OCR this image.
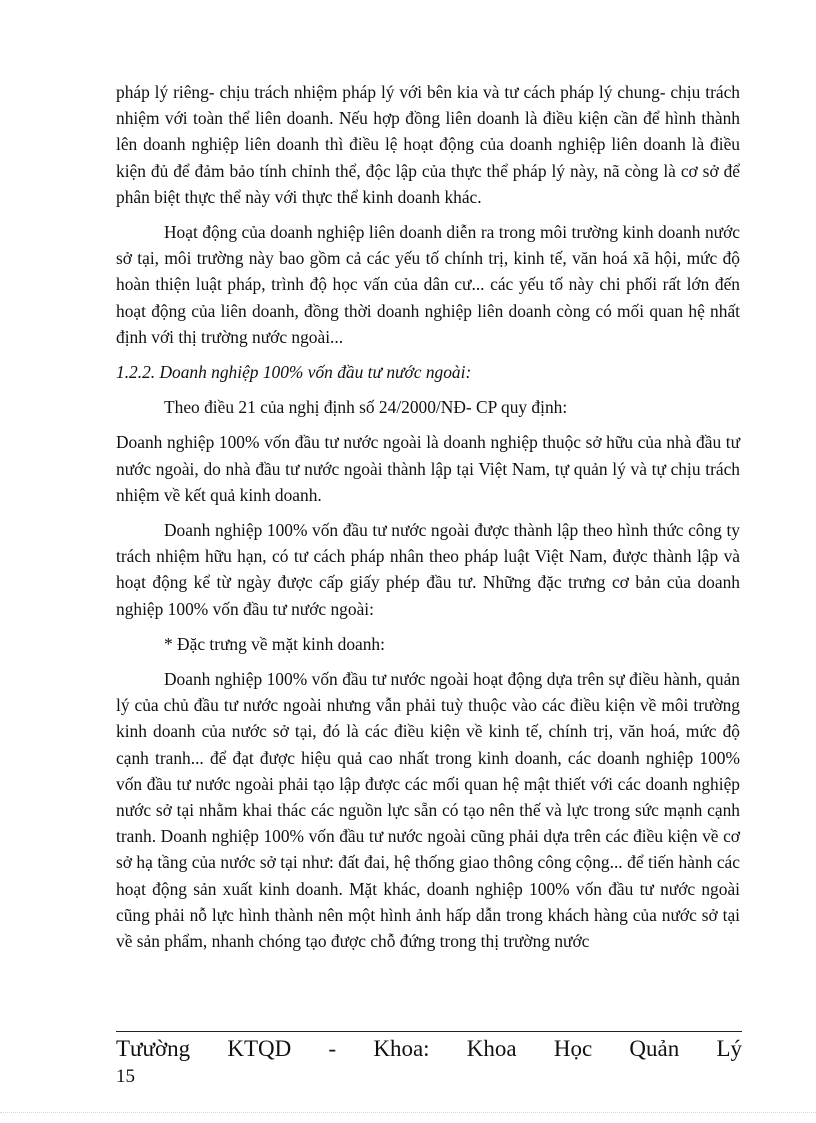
pháp lý riêng- chịu trách nhiệm pháp lý với bên kia và tư cách pháp lý chung- chịu trách nhiệm với toàn thể liên doanh. Nếu hợp đồng liên doanh là điều kiện cần để hình thành lên doanh nghiệp liên doanh thì điều lệ hoạt động của doanh nghiệp liên doanh là điều kiện đủ để đảm bảo tính chỉnh thể, độc lập của thực thể pháp lý này, nã còng là cơ sở để phân biệt thực thể này với thực thể kinh doanh khác.

Hoạt động của doanh nghiệp liên doanh diễn ra trong môi trường kinh doanh nước sở tại, môi trường này bao gồm cả các yếu tố chính trị, kinh tế, văn hoá xã hội, mức độ hoàn thiện luật pháp, trình độ học vấn của dân cư... các yếu tố này chi phối rất lớn đến hoạt động của liên doanh, đồng thời doanh nghiệp liên doanh còng có mối quan hệ nhất định với thị trường nước ngoài...

1.2.2. Doanh nghiệp 100% vốn đầu tư nước ngoài:

Theo điều 21 của nghị định số 24/2000/NĐ- CP quy định:

Doanh nghiệp 100% vốn đầu tư nước ngoài là doanh nghiệp thuộc sở hữu của nhà đầu tư nước ngoài, do nhà đầu tư nước ngoài thành lập tại Việt Nam, tự quản lý và tự chịu trách nhiệm về kết quả kinh doanh.

Doanh nghiệp 100% vốn đầu tư nước ngoài được thành lập theo hình thức công ty trách nhiệm hữu hạn, có tư cách pháp nhân theo pháp luật Việt Nam, được thành lập và hoạt động kể từ ngày được cấp giấy phép đầu tư. Những đặc trưng cơ bản của doanh nghiệp 100% vốn đầu tư nước ngoài:

* Đặc trưng về mặt kinh doanh:

Doanh nghiệp 100% vốn đầu tư nước ngoài hoạt động dựa trên sự điều hành, quản lý của chủ đầu tư nước ngoài nhưng vẫn phải tuỳ thuộc vào các điều kiện về môi trường kinh doanh của nước sở tại, đó là các điều kiện về kinh tế, chính trị, văn hoá, mức độ cạnh tranh... để đạt được hiệu quả cao nhất trong kinh doanh, các doanh nghiệp 100% vốn đầu tư nước ngoài phải tạo lập được các mối quan hệ mật thiết với các doanh nghiệp nước sở tại nhằm khai thác các nguồn lực sẵn có tạo nên thế và lực trong sức mạnh cạnh tranh. Doanh nghiệp 100% vốn đầu tư nước ngoài cũng phải dựa trên các điều kiện về cơ sở hạ tầng của nước sở tại như: đất đai, hệ thống giao thông công cộng... để tiến hành các hoạt động sản xuất kinh doanh. Mặt khác, doanh nghiệp 100% vốn đầu tư nước ngoài cũng phải nỗ lực hình thành nên một hình ảnh hấp dẫn trong khách hàng của nước sở tại về sản phẩm, nhanh chóng tạo được chỗ đứng trong thị trường nước

Tưường KTQD - Khoa: Khoa Học Quản Lý
15
